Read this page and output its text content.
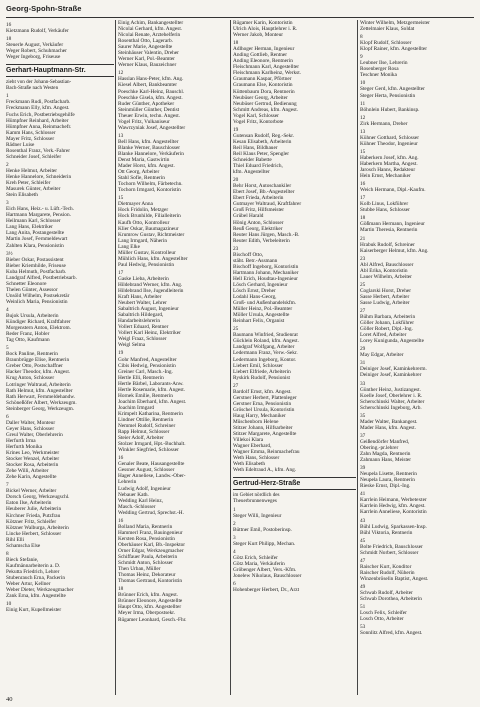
Georg-Spohn-Straße
16
Kietzmann Rudolf, Verkäufer
18
Steuerle August, Verkäufer
Weger Robert, Schuhmacher
Weger Ingeborg, Friseuse
Gerhart-Hauptmann-Str.
zieht von der Johann-Sebastian-
Bach-Straße nach Westen
1
Freckmann Rudi, Postfacharb.
Freckmann Elly, kfm. Angest.
Fuchs Erich, Postbetriebsgehilfe
Hümpfner Reinhard, Arbeiter
Hümpfner Anna, Reinmachefr.
Kamm Hans, Schlosser
Mayer Fritz, Schlosser
Rädner Luise
Rosenthal Franz, Verk.-Fahrer
Schneider Josef, Schleifer
2
Henke Helmut, Arbeiter
Henke Hannelore, Schneiderin
Kreh Peter, Schleifer
Masurek Günter, Arbeiter
Stein Elisabeth
3
Eich Hans, Heiz.- u. Lüft.-Tech.
Hartmann Margarete, Pension.
Heilmann Karl, Schlosser
Lang Hans, Elektriker
Lang Anita, Postangestellte
Martin Josef, Fernmeldewart
Zahlten Klara, Pensionistin
3½
Bieber Oskar, Postassistent
Bieber Kriemhilde, Friseuse
Kuba Helmuth, Postfacharb.
Landgraf Alfred, Postbetriebsarb.
Schnetter Eleonore
Thelen Günter, Assessor
Unsöld Wilhelm, Postsekretär
Weinlich Maria, Pensionistin
4
Bujok Ursula, Arbeiterin
Kündiger Richard, Kraftfahrer
Morgenstern Anton, Elektrom.
Reder Franz, Hobler
Tag Otto, Kaufmann
5
Bock Pauline, Rentnerin
Braunbrügge Elise, Rentnerin
Greber Otto, Postschaffner
Hacker Theodor, kfm. Angest.
Krug Anton, Schlosser
Lotringer Waltraud, Arbeiterin
Rath Helmut, kfm. Angestellter
Rath Herwart, Fernmeldehandw.
Schöneßöfer Albert, Werkzeugm.
Steinberger Georg, Werkzeugm.
6
Daller Walter, Monteur
Geyer Hans, Schlosser
Greul Walter, Oberlehrerin
Herfurth Irma
Herfurth Monika
Krines Leo, Werkmeister
Stocker Wenzel, Arbeiter
Stocker Rosa, Arbeiterin
Zehe Willi, Arbeiter
Zehe Karin, Angestellte
7
Bickel Werner, Arbeiter
Dorsch Georg, Werkzeugschl.
Eaton Ilse, Arbeiterin
Heuberer Julie, Arbeiterin
Kirchner Frieda, Putzfrau
Kötzner Fritz, Schleifer
Kötzner Walburga, Arbeiterin
Lincke Herbert, Schlosser
Rihl Elli
Schamscha Else
8
Bieck Stefanie,
Kaufmännarbeiterin a. D.
Pekutta Friedrich, Lehrer
Stubenrauch Erna, Packerin
Weber Artur, Kellner
Weber Dieter, Werkzeugmacher
Zank Erna, kfm. Angestellte
10
Einig Kurt, Kupellmeister
Einig Achim, Bankangestellter
Nicolai Gerhard, kfm. Angest.
Nicolai Renate, Arztehelferin
Rosenthal Otto, Lagerarb.
Saurer Marie, Angestellte
Steinhäuser Valentin, Dreher
Werner Karl, Pol.-Beamter
Werner Klaus, Bauzeichner
12
Hasslan Hans-Peter, kfm. Ang.
Kiesel Albert, Bankbeamter
Poeschke Karl-Heinz, Bauschl.
Poeschke Gisela, kfm. Angest.
Ruder Günther, Apotheker
Steinmüller Günther, Dentist
Theuer Erwin, techn. Angest.
Vogel Fritz, Vulkaniseur
Wawrzyniak Josef, Angestellter
13
Bell Hans, kfm. Angestellter
Blanke Werner, Bauschlosser
Blanke Hannelore, Verkäuferin
Denst Maria, Gastwirtin
Mader Horst, kfm. Angest.
Ott Georg, Arbeiter
Stahl Sofie, Rentnerin
Tochorn Wilhelm, Färbetechn.
Tochorn Irmgard, Kontoristin
15
Dietmayer Anna
Hock Fridolin, Metzger
Hock Brunhilde, Filialleiterin
Kaufh Otto, Kontrolleur
Klier Oskar, Baumagazineur
Krumrow Gustav, Richtmeister
Lang Irmgard, Näherin
Lang Elke
Müller Gustav, Kontrolleur
Mühlich Hans, kfm. Angestellter
Paul Hedwig, Pensionistin
17
Gaske Lieba, Arbeiterin
Hildebrand Werner, kfm. Ang.
Hildebrand Ilse, Jugendleiterin
Kraft Hans, Arbeiter
Neubert Walter, Lehrer
Sabaltrich August, Ingenieur
Sabaltrich Hildegard,
Handarbeitslehrerin
Vollert Eduard, Rentner
Vollert Karl Heinz, Elektriker
Weigl Fraaz, Schlosser
Weigl Selma
19
Gohr Manfred, Angestellter
Cibis Hedwig, Pensionistin
Greiner Carl, Masch.-Ing.
Hertle Elli, Rentnerin
Hertle Bärbel, Laborants-Anw.
Hertle Rosemarie, kfm. Angest.
Hornek Emilie, Rentnerin
Joachim Eberhard, kfm. Angest.
Joachim Irmgard
Krimpelt Katharina, Rentnerin
Lindner Ottilie, Rentnerin
Nemmel Rudolf, Schreiner
Rapp Helmut, Schlosser
Steier Adolf, Arbeiter
Stolzer Irmgard, Hpt.-Buchhalt.
Winkler Siegfried, Schlosser
16
Genaler Beate, Hausangestellte
Gessner August, Schlosser
Hager Anneliese, Landw.-Ober-
Lehrerin
Ludwig Adolf, Ingenieur
Nebauer Kath.
Wedding Karl Heinz,
Masch.-Schlosser
Wedding Gertrud, Sprechst.-H.
16
Bolland Maria, Rentnerin
Hammerl Franz, Bauingenieur
Kersten Rosa, Pensionistin
Oberhäuser Karl, Bb.-Inspektor
Orner Edgar, Werkzeugmacher
Schiffauer Paula, Arbeiterin
Schmidt Anton, Schlosser
Then Urban, Müller
Thomas Heinz, Dekorateur
Thomas Gertraud, Kontoristin
18
Brünner Erich, kfm. Angest.
Brünner Eleonore, Angestellte
Haupt Otto, kfm. Angestellter
Meyer Irma, Oberpostsekr.
Rügamer Leonhard, Gesch.-Fhr.
Rügamer Karin, Kontoristin
Ulrich Alois, Hauptlehrer i. R.
Werner Jakob, Monteur
18
Adlhoger Herman, Ingenieur
Anding Gottlieb, Rentner
Anding Eleonore, Rentnerin
Fleischmann Karl, Angestellter
Fleischmann Karlheinz, Werkst.
Graumann Kaspar, Pförtner
Graumann Else, Kontoristin
Küttenbaum Dora, Rentnerin
Neubüser Georg, Arbeiter
Neubüser Gertrud, Bedienung
Schmitt Andreas, kfm. Angest.
Vogel Karl, Schlosser
Vogel Fritz, Kontorbote
19
Gutensan Rudolf, Reg.-Sekr.
Kesan Elisabeth, Arbeiterin
Reil Hans, Bildhauer
Reil Klaus Peter, Spengler
Schneider Babette
Thiel Eduard Friedrich,
kfm. Angestellter
20
Behr Horst, Autoschankiler
Ebert Josef, Bb.-Angestellter
Ebert Frieda, Arbeiterin
Gutmayer Waltraud, Kraftfahrer
Groß Fritz, Hilfsmeister
Grübel Harald
Hönig Anton, Schlosser
Reuß Georg, Elektriker
Reuter Hans Jürgen, Masch.-B.
Reuter Edith, Verbeleiterin
23
Bischoff Otto,
stäht. Betr.-Assmann
Bischoff Ingeborg, Kontoristin
Hartmann Johann, Mechaniker
Hell Erich, Houdtau-Ingenieur
Lösch Gerhard, Ingenieur
Lösch Ernst, Dreher
Lodahl Hans-Georg,
Groß- und Außenhandelskfm.
Müller Heinz, Pol.-Beamter
Möller Ursula, Angestellte
Reinhart Felix, Organist
25
Baumann Winfried, Studienrat
Gücklein Roland, kfm. Angest.
Landgraf Wolfgang, Arbeiter
Ledermann Franz, Verw.-Sekr.
Ledermann Ingeborg, Kontor.
Liebert Emil, Schlosser
Liebert Elfriede, Arbeiterin
Ryskirk Rudolf, Pensionist
27
Bardolf Ernst, kfm. Angest.
Gerstner Herbert, Plattenleger
Gerstner Erna, Pensionistin
Gröschel Ursula, Kontoristin
Haug Harry, Mechaniker
Müschenborn Helene
Stitzer Johann, Hilfsarbeiter
Stitzer Margarete, Angestellte
Villekoi Klara
Wagner Eberhard,
Wagner Emma, Reinmachefrau
Weth Hans, Schlosser
Weth Elisabeth
Weth Edeltraud A., kfm. Ang.
Gertrud-Herz-Straße
im Gebiet nördlich des
Theuerbrunnenweges
1
Steger Willi, Ingenieur
2
Büttner Emil, Postoberinsp.
3
Steger Kurt Philipp, Mechan.
4
Götz Erich, Schleifer
Götz Maria, Verkäuferin
Gröbenger Albert, Vers.-Kfm.
Jonelew Nikolaus, Bauschlosser
6
Hohenberger Herbert, Dr., Arzt
Winter Wilhelm, Metzgermeister
Zettelmaier Klaus, Soldat
8
Klopf Rudolf, Schlosser
Klopf Rainer, kfm. Angestellter
9
Leubner Ilse, Lehrerin
Rosenberger Rosa
Teschner Monika
10
Steger Gerd, kfm. Angestellter
Steger Herta, Pensionistin
11
Böhnlein Hubert, Bankinsp.
12
Zirk Hermann, Dreher
13
Kühner Gotthard, Schlosser
Kühner Theodor, Ingenieur
15
Haberkern Josef, kfm. Ang.
Haberkern Martha, Angest.
Jarosch Hanns, Redakteur
Hein Ernst, Mechaniker
16
Weich Hermann, Dipl.-Kaufm.
17
Kolb Linus, Lokführer
Stubbe Hans, Schlosser
18
Gößmann Hermann, Ingenieur
Martin Theresia, Rentnerin
21
Hrabuk Rudolf, Schreiner
Kaiserberger Helmut, kfm. Ang.
23
Abl Alfred, Bauschlosser
Abl Erika, Kontoristin
Lauer Wilhelm, Arbeiter
25
Coglarski Horst, Dreher
Sasse Herbert, Arbeiter
Sasse Ludwig, Arbeiter
27
Bühm Barbara, Arbeiterin
Göller Johann, Lokführer
Göller Robert, Dipl.-Ing.
Loret Alfred, Arbeiter
Lorey Kunigunda, Angestellte
29
May Edgar, Arbeiter
31
Deiniger Josef, Kaminkehrerm.
Deiniger Josef, Kaminkehrer
33
Günther Heinz, Justizangest.
Koelle Josef, Oberlehrer i. R.
Scherschinski Walter, Arbeiter
Scherschinski Ingeborg, Arb.
35
Mader Walter, Bankangest.
Mader Hans, kfm. Angest.
37
Geißendörfer Manfred,
Obering.-pr.lehrer
Zahn Magda, Rentnerin
Zahmann Hans, Meister
39
Neupela Lisette, Rentnerin
Neupela Laura, Rentnerin
Rieske Ernst, Dipl.-Ing.
41
Karrlein Heimann, Werbetexter
Karrlein Hedwig, kfm. Angest.
Karrlein Anneliese, Kontoristin
43
Bühl Ludwig, Sparkassen-Insp.
Bühl Viktoria, Rentnerin
45
Bolte Friedrich, Bauschlosser
Schmidt Norbert, Schlosser
47
Raischer Kurt, Konditor
Raischer Rudolf, Nüherin
Winzenbröselin Baptist, Angest.
49
Schwab Rudolf, Arbeiter
Schwab Dorothea, Arbeiterin
51
Losch Felix, Schleifer
Losch Otto, Arbeiter
53
Sonnlitz Alfred, kfm. Angest.
40
